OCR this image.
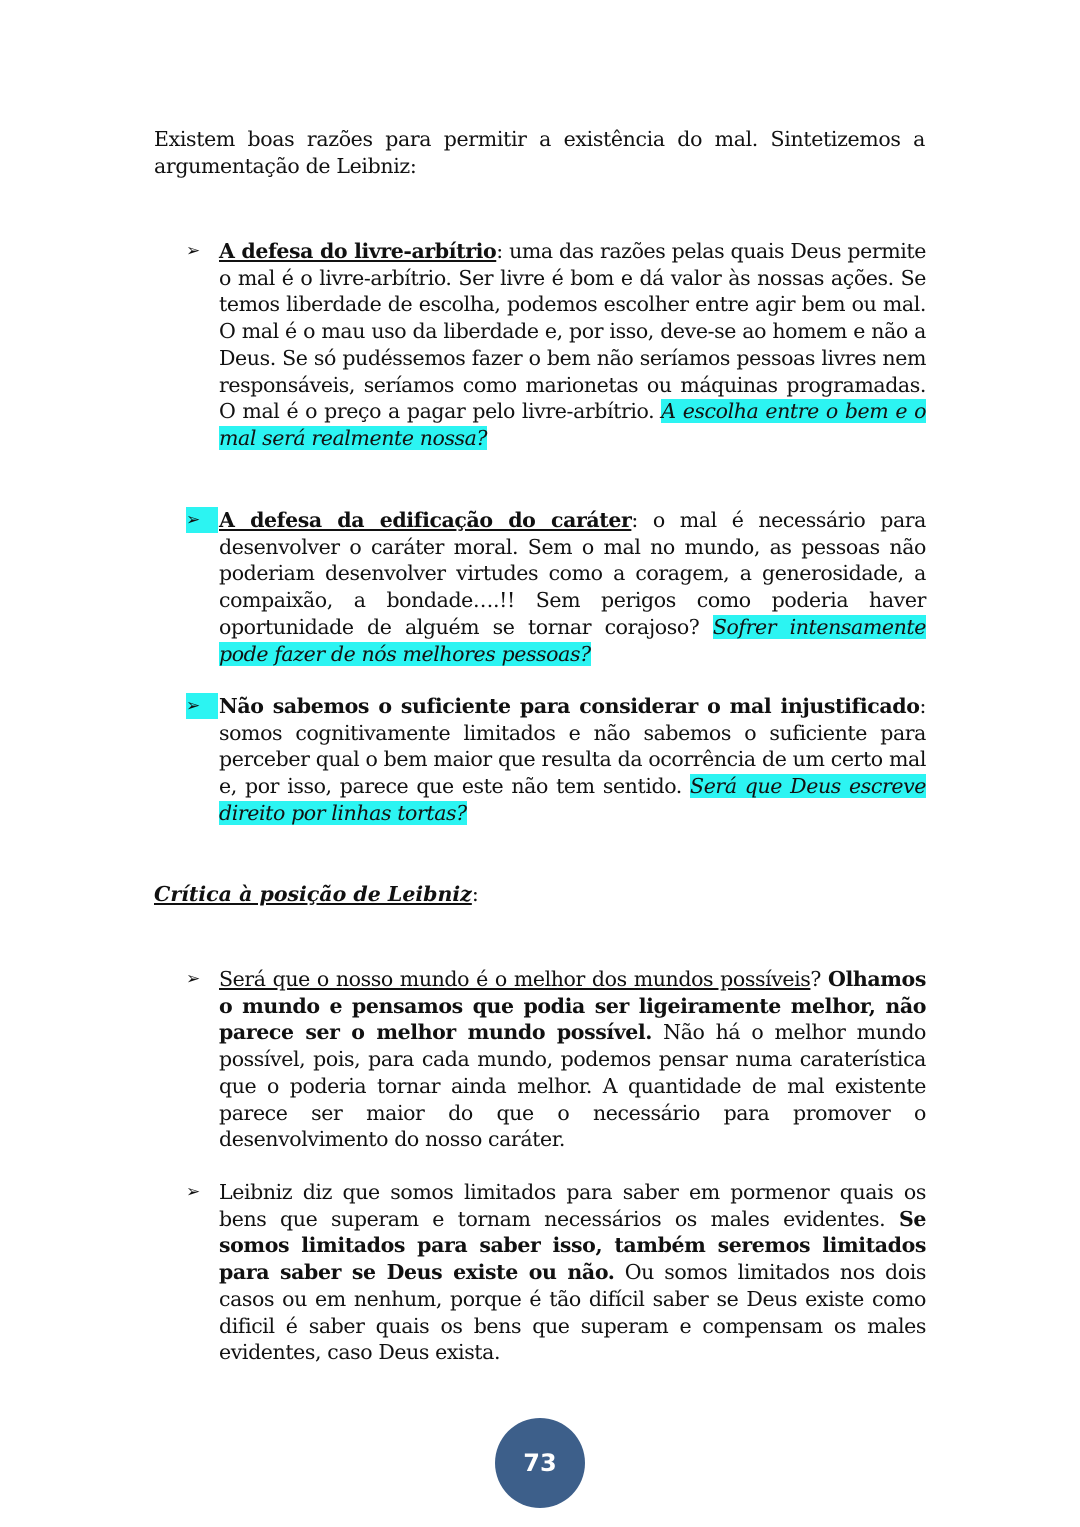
Existem boas razões para permitir a existência do mal. Sintetizemos a argumentação de Leibniz:

➢ A defesa do livre-arbítrio: uma das razões pelas quais Deus permite o mal é o livre-arbítrio. Ser livre é bom e dá valor às nossas ações. Se temos liberdade de escolha, podemos escolher entre agir bem ou mal. O mal é o mau uso da liberdade e, por isso, deve-se ao homem e não a Deus. Se só pudéssemos fazer o bem não seríamos pessoas livres nem responsáveis, seríamos como marionetas ou máquinas programadas. O mal é o preço a pagar pelo livre-arbítrio. A escolha entre o bem e o mal será realmente nossa?
➢ A defesa da edificação do caráter: o mal é necessário para desenvolver o caráter moral. Sem o mal no mundo, as pessoas não poderiam desenvolver virtudes como a coragem, a generosidade, a compaixão, a bondade….!! Sem perigos como poderia haver oportunidade de alguém se tornar corajoso? Sofrer intensamente pode fazer de nós melhores pessoas?
➢ Não sabemos o suficiente para considerar o mal injustificado: somos cognitivamente limitados e não sabemos o suficiente para perceber qual o bem maior que resulta da ocorrência de um certo mal e, por isso, parece que este não tem sentido. Será que Deus escreve direito por linhas tortas?
Crítica à posição de Leibniz:
➢ Será que o nosso mundo é o melhor dos mundos possíveis? Olhamos o mundo e pensamos que podia ser ligeiramente melhor, não parece ser o melhor mundo possível. Não há o melhor mundo possível, pois, para cada mundo, podemos pensar numa caraterística que o poderia tornar ainda melhor. A quantidade de mal existente parece ser maior do que o necessário para promover o desenvolvimento do nosso caráter.
➢ Leibniz diz que somos limitados para saber em pormenor quais os bens que superam e tornam necessários os males evidentes. Se somos limitados para saber isso, também seremos limitados para saber se Deus existe ou não. Ou somos limitados nos dois casos ou em nenhum, porque é tão difícil saber se Deus existe como dificil é saber quais os bens que superam e compensam os males evidentes, caso Deus exista.
73
